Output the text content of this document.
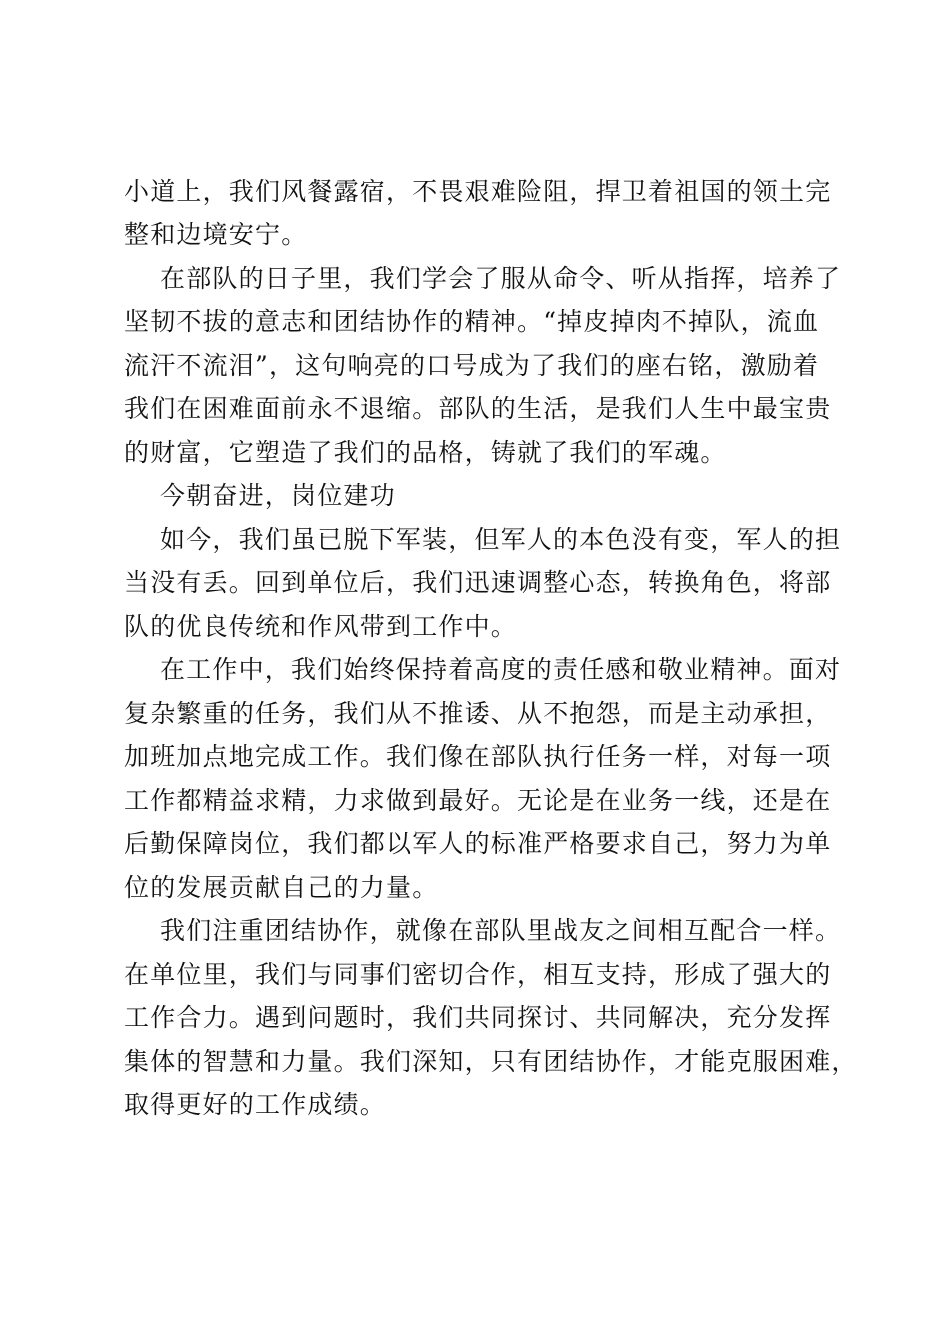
小道上，我们风餐露宿，不畏艰难险阻，捍卫着祖国的领土完
整和边境安宁。
在部队的日子里，我们学会了服从命令、听从指挥，培养了
坚韧不拔的意志和团结协作的精神。“掉皮掉肉不掉队，流血
流汗不流泪”，这句响亮的口号成为了我们的座右铭，激励着
我们在困难面前永不退缩。部队的生活，是我们人生中最宝贵
的财富，它塑造了我们的品格，铸就了我们的军魂。
今朝奋进，岗位建功
如今，我们虽已脱下军装，但军人的本色没有变，军人的担
当没有丢。回到单位后，我们迅速调整心态，转换角色，将部
队的优良传统和作风带到工作中。
在工作中，我们始终保持着高度的责任感和敬业精神。面对
复杂繁重的任务，我们从不推诿、从不抱怨，而是主动承担，
加班加点地完成工作。我们像在部队执行任务一样，对每一项
工作都精益求精，力求做到最好。无论是在业务一线，还是在
后勤保障岗位，我们都以军人的标准严格要求自己，努力为单
位的发展贡献自己的力量。
我们注重团结协作，就像在部队里战友之间相互配合一样。
在单位里，我们与同事们密切合作，相互支持，形成了强大的
工作合力。遇到问题时，我们共同探讨、共同解决，充分发挥
集体的智慧和力量。我们深知，只有团结协作，才能克服困难，
取得更好的工作成绩。
